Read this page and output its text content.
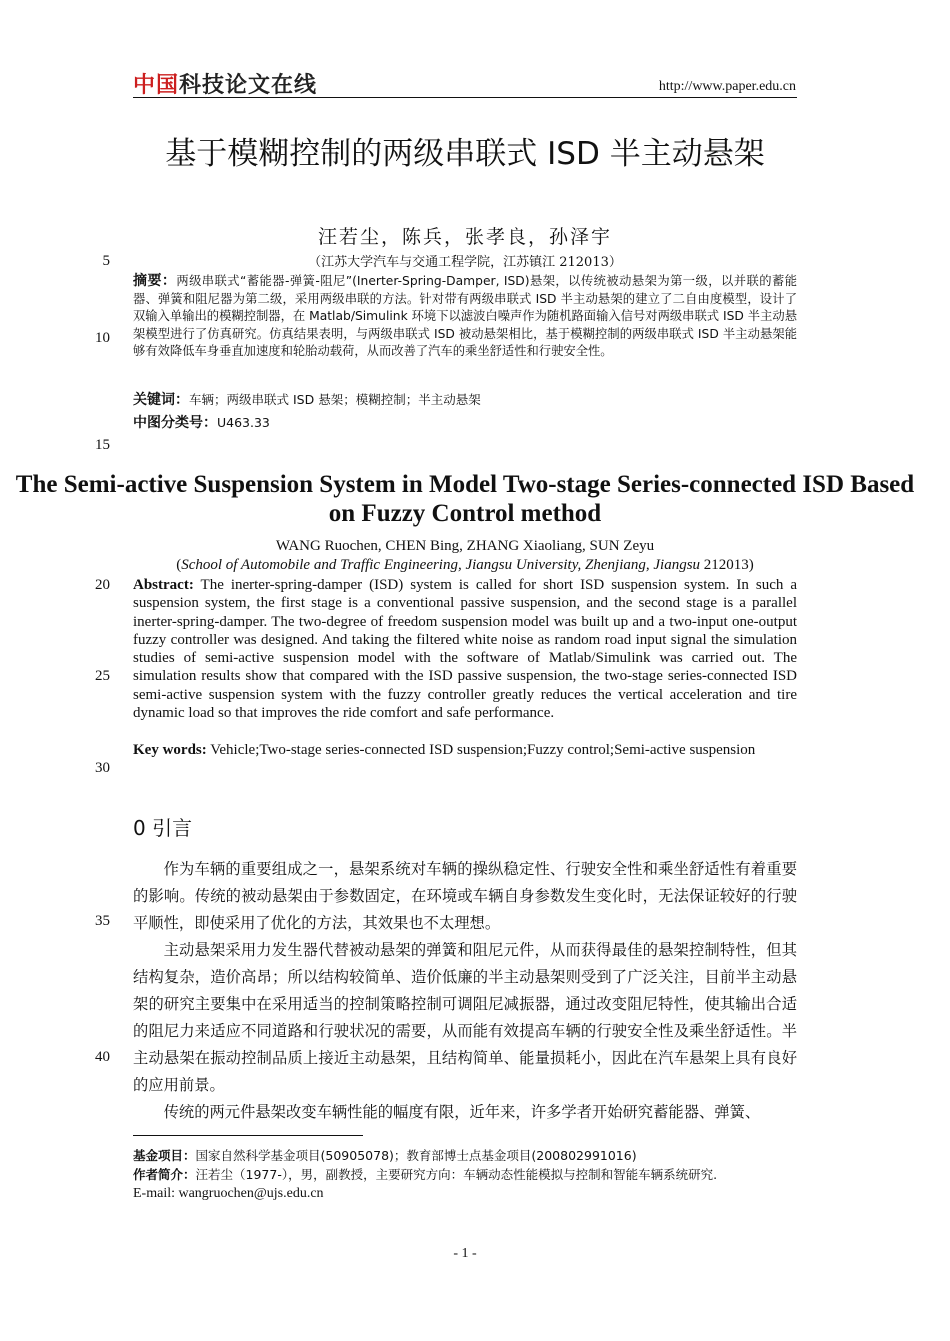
中国科技论文在线	http://www.paper.edu.cn
基于模糊控制的两级串联式 ISD 半主动悬架
汪若尘，陈兵，张孝良，孙泽宇
（江苏大学汽车与交通工程学院，江苏镇江 212013）
5
10
15
20
25
30
35
40
摘要：两级串联式“蓄能器-弹簧-阻尼”(Inerter-Spring-Damper, ISD)悬架，以传统被动悬架为第一级，以并联的蓄能器、弹簧和阻尼器为第二级，采用两级串联的方法。针对带有两级串联式 ISD 半主动悬架的建立了二自由度模型，设计了双输入单输出的模糊控制器，在 Matlab/Simulink 环境下以滤波白噪声作为随机路面输入信号对两级串联式 ISD 半主动悬架模型进行了仿真研究。仿真结果表明，与两级串联式 ISD 被动悬架相比，基于模糊控制的两级串联式 ISD 半主动悬架能够有效降低车身垂直加速度和轮胎动载荷，从而改善了汽车的乘坐舒适性和行驶安全性。
关键词：车辆；两级串联式 ISD 悬架；模糊控制；半主动悬架
中图分类号：U463.33
The Semi-active Suspension System in Model Two-stage Series-connected ISD Based on Fuzzy Control method
WANG Ruochen, CHEN Bing, ZHANG Xiaoliang, SUN Zeyu
(School of Automobile and Traffic Engineering, Jiangsu University, Zhenjiang, Jiangsu 212013)
Abstract: The inerter-spring-damper (ISD) system is called for short ISD suspension system. In such a suspension system, the first stage is a conventional passive suspension, and the second stage is a parallel inerter-spring-damper. The two-degree of freedom suspension model was built up and a two-input one-output fuzzy controller was designed. And taking the filtered white noise as random road input signal the simulation studies of semi-active suspension model with the software of Matlab/Simulink was carried out. The simulation results show that compared with the ISD passive suspension, the two-stage series-connected ISD semi-active suspension system with the fuzzy controller greatly reduces the vertical acceleration and tire dynamic load so that improves the ride comfort and safe performance.
Key words: Vehicle;Two-stage series-connected ISD suspension;Fuzzy control;Semi-active suspension
0 引言

作为车辆的重要组成之一，悬架系统对车辆的操纵稳定性、行驶安全性和乘坐舒适性有着重要的影响。传统的被动悬架由于参数固定，在环境或车辆自身参数发生变化时，无法保证较好的行驶平顺性，即使采用了优化的方法，其效果也不太理想。

主动悬架采用力发生器代替被动悬架的弹簧和阻尼元件，从而获得最佳的悬架控制特性，但其结构复杂，造价高昂；所以结构较简单、造价低廉的半主动悬架则受到了广泛关注，目前半主动悬架的研究主要集中在采用适当的控制策略控制可调阻尼减振器，通过改变阻尼特性，使其输出合适的阻尼力来适应不同道路和行驶状况的需要，从而能有效提高车辆的行驶安全性及乘坐舒适性。半主动悬架在振动控制品质上接近主动悬架，且结构简单、能量损耗小，因此在汽车悬架上具有良好的应用前景。

传统的两元件悬架改变车辆性能的幅度有限，近年来，许多学者开始研究蓄能器、弹簧、

基金项目：国家自然科学基金项目(50905078)；教育部博士点基金项目(200802991016)
作者简介：汪若尘（1977-），男，副教授，主要研究方向：车辆动态性能模拟与控制和智能车辆系统研究.
E-mail: wangruochen@ujs.edu.cn
- 1 -
